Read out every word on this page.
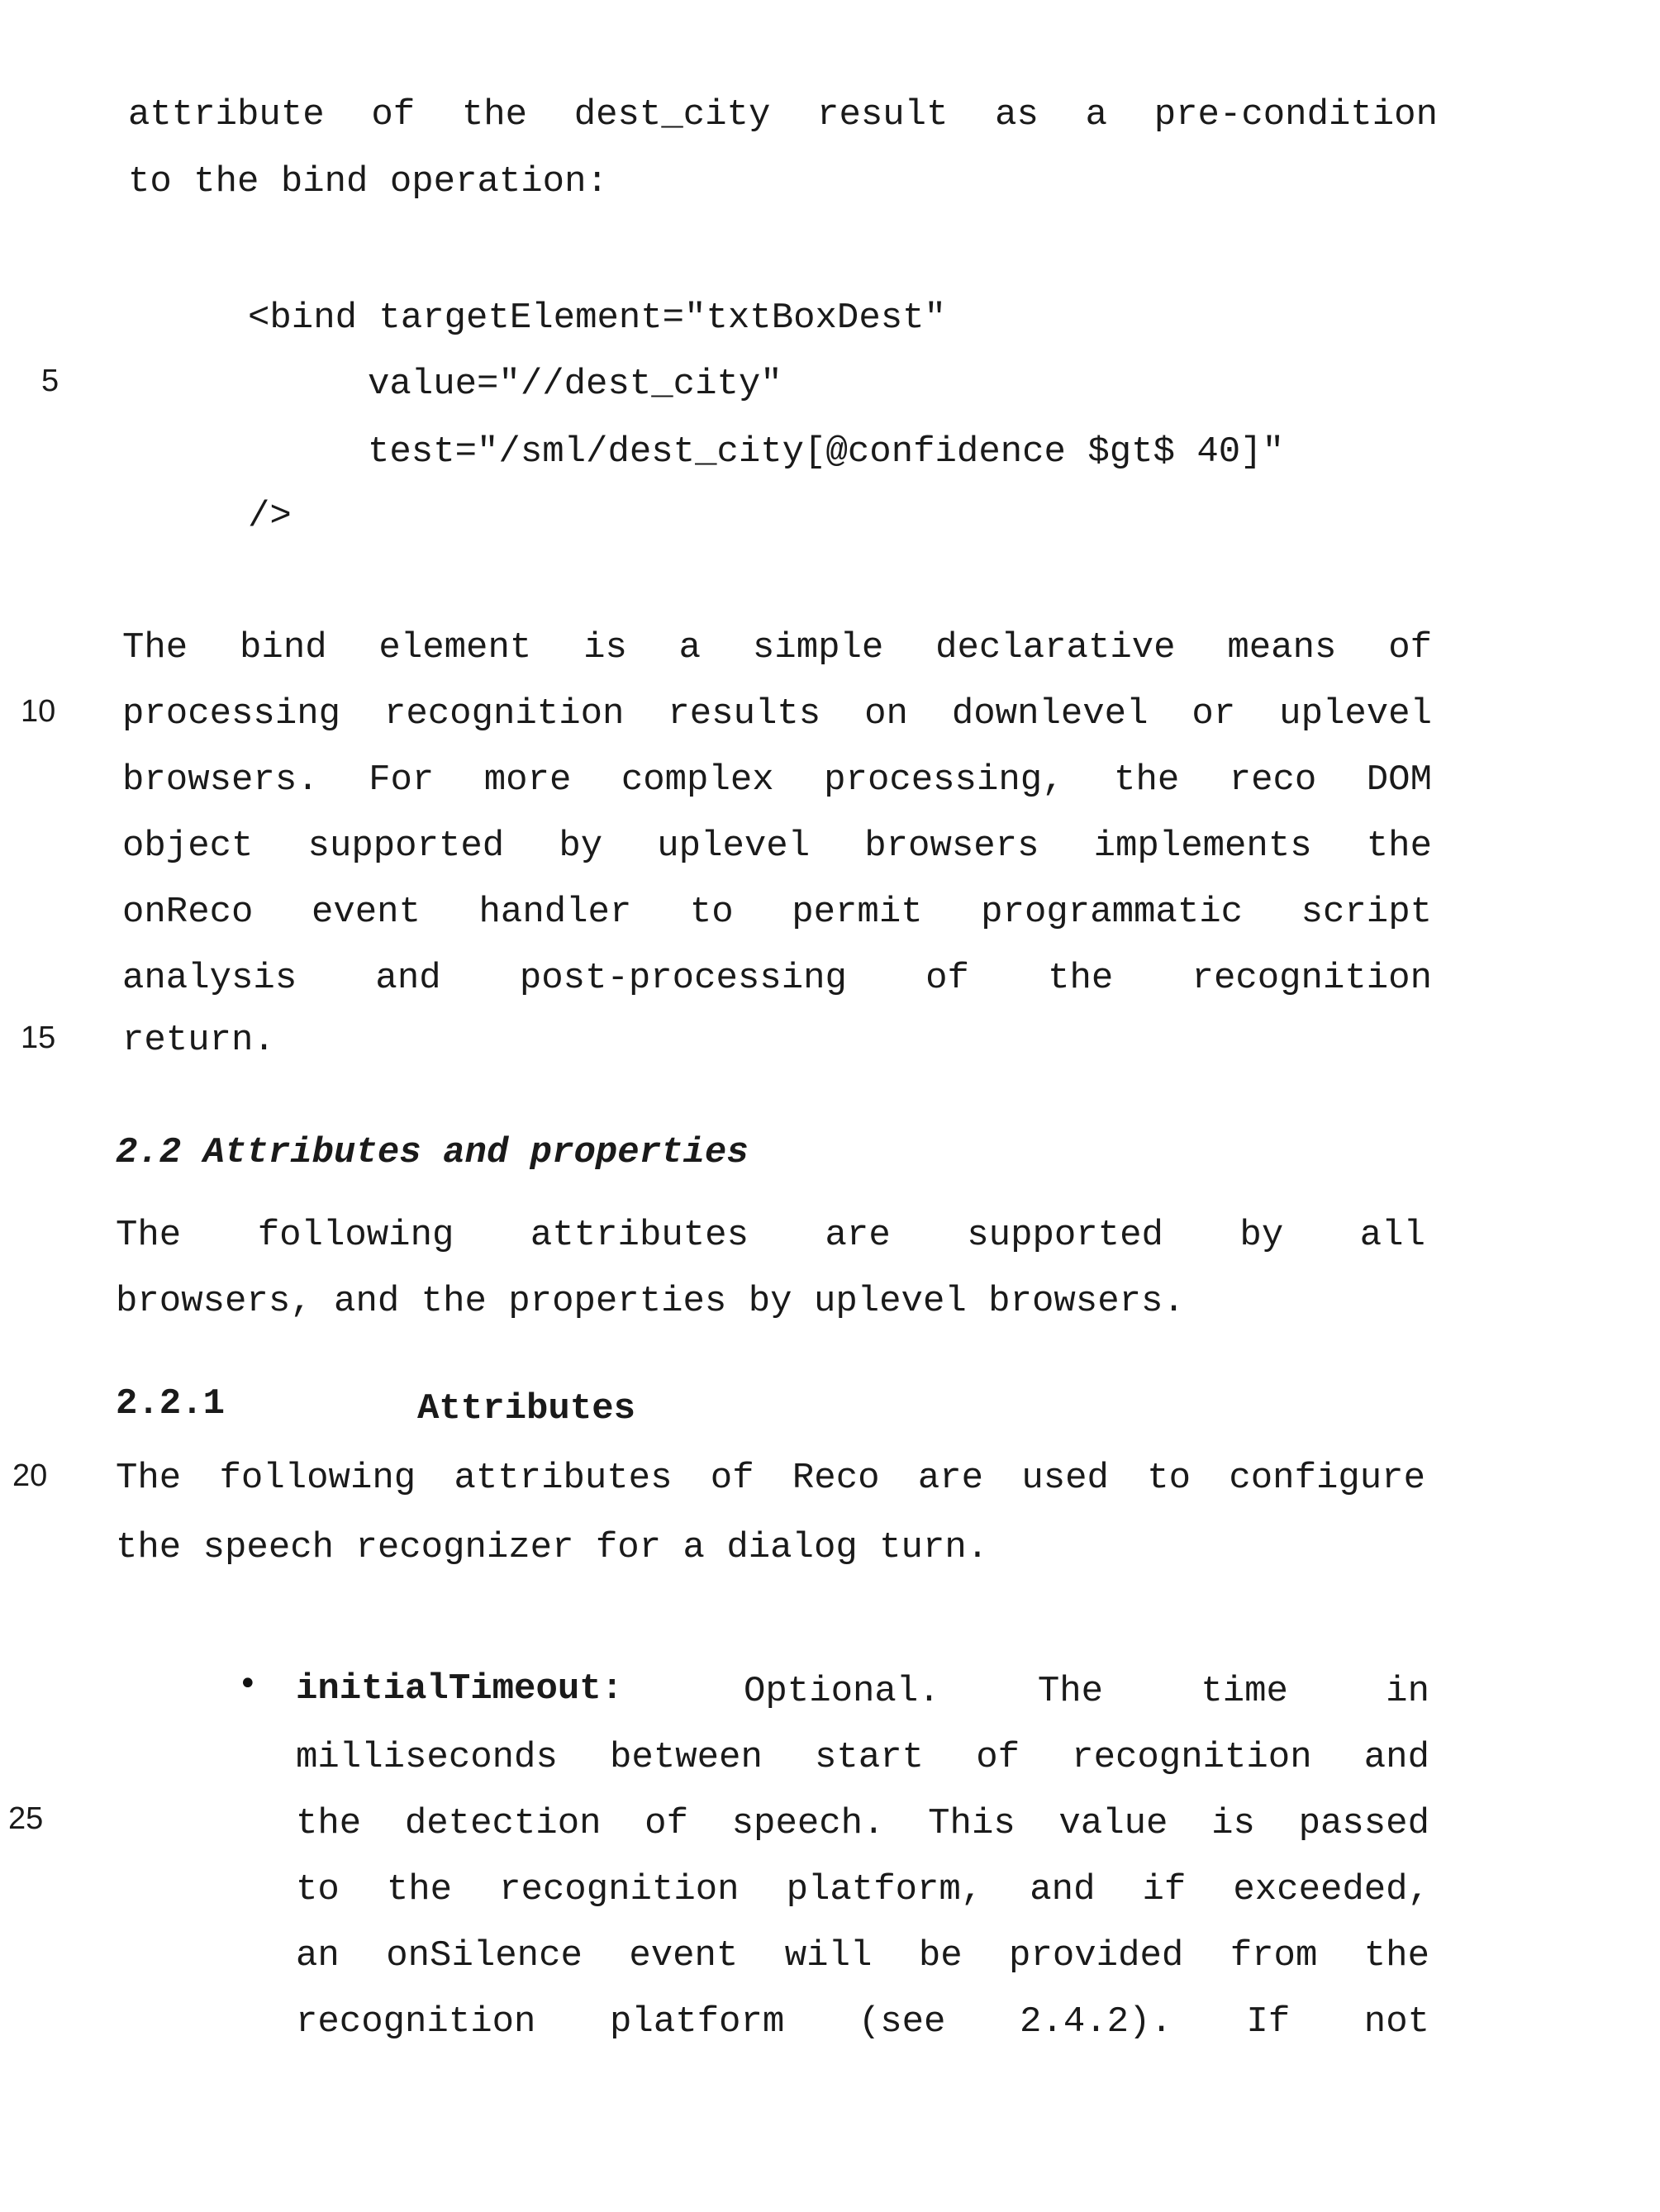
attribute of the dest_city result as a pre-condition
to the bind operation:
<bind targetElement="txtBoxDest"
5	value="//dest_city"
test="/sml/dest_city[@confidence $gt$ 40]"
/>
The bind element is a simple declarative means of
10 processing recognition results on downlevel or uplevel
browsers. For more complex processing, the reco DOM
object supported by uplevel browsers implements the
onReco event handler to permit programmatic script
analysis and post-processing of the recognition
15 return.
2.2 Attributes and properties
The following attributes are supported by all
browsers, and the properties by uplevel browsers.
2.2.1	Attributes
20 The following attributes of Reco are used to configure
the speech recognizer for a dialog turn.
• initialTimeout:	Optional. The time in
milliseconds between start of recognition and
25	the detection of speech. This value is passed
to the recognition platform, and if exceeded,
an onSilence event will be provided from the
recognition platform (see 2.4.2). If not
